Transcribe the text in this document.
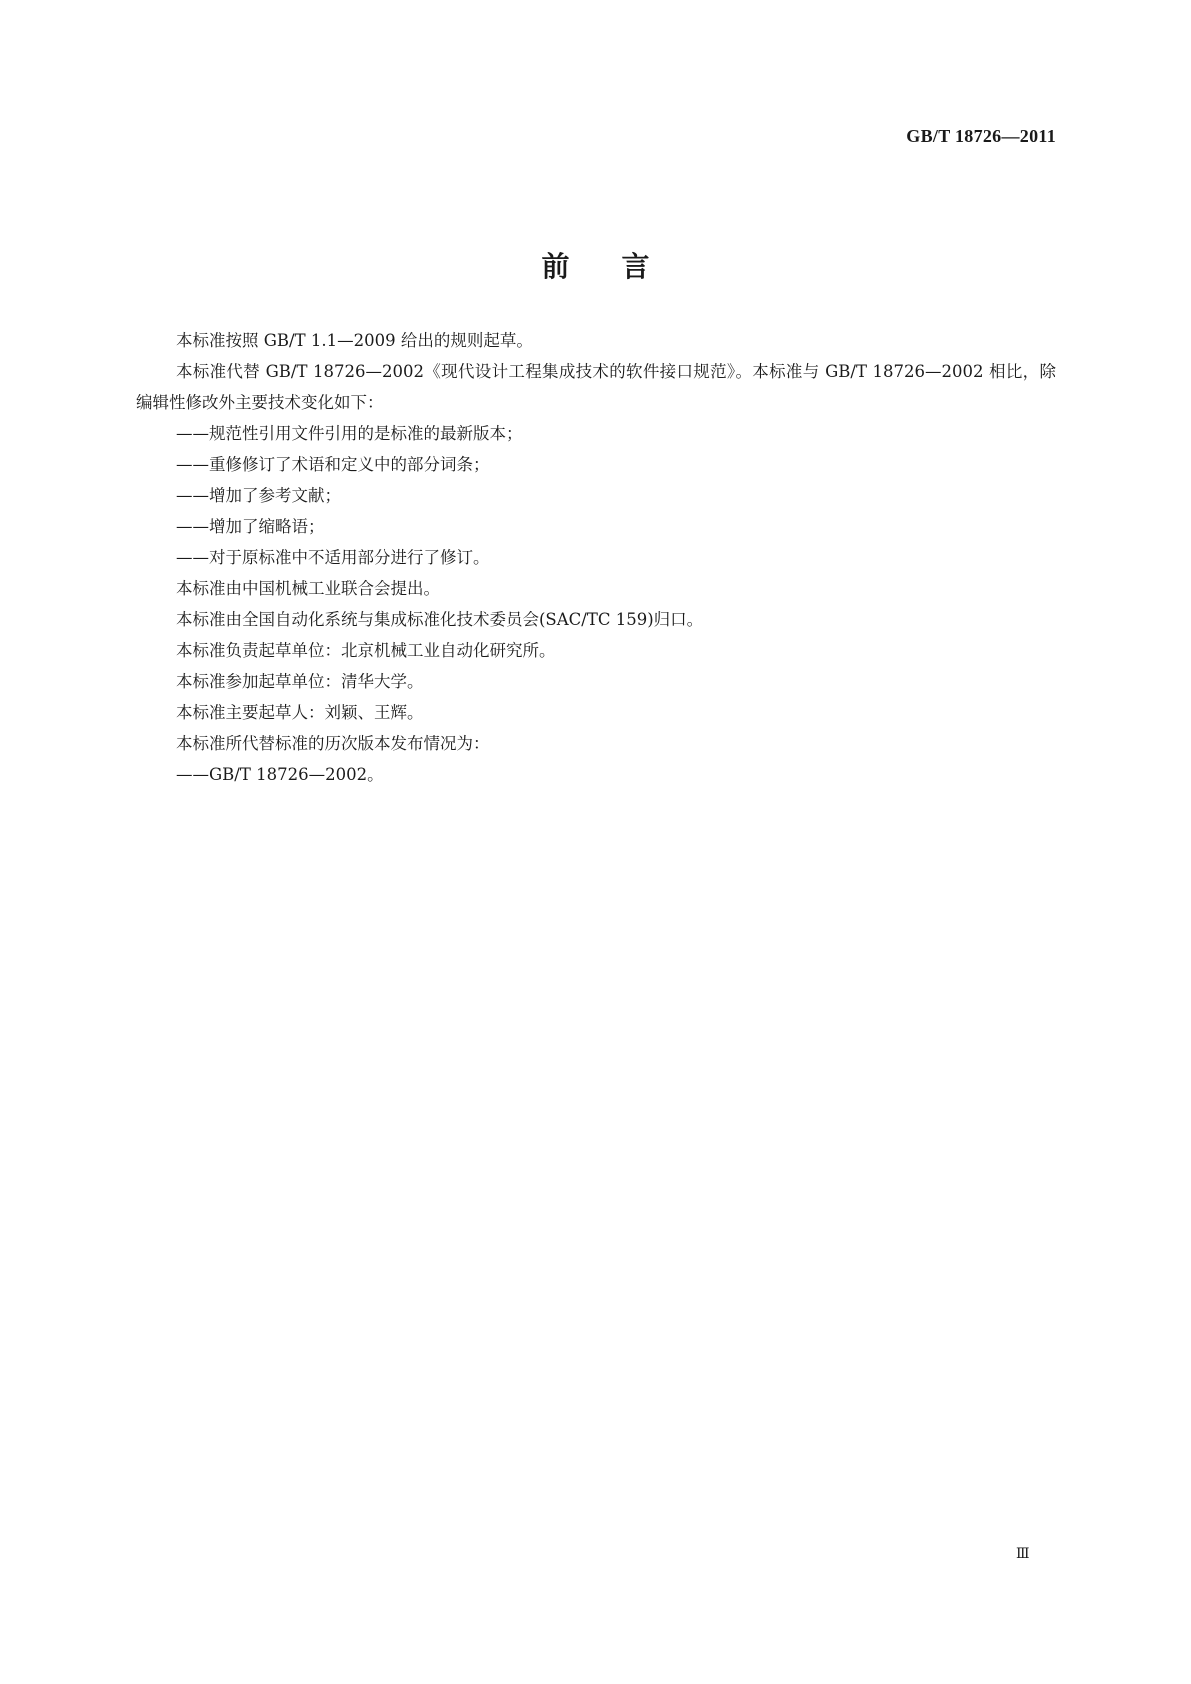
GB/T 18726—2011
前言

本标准按照 GB/T 1.1—2009 给出的规则起草。

本标准代替 GB/T 18726—2002《现代设计工程集成技术的软件接口规范》。本标准与 GB/T 18726—2002 相比，除编辑性修改外主要技术变化如下：

——规范性引用文件引用的是标准的最新版本；

——重修修订了术语和定义中的部分词条；

——增加了参考文献；

——增加了缩略语；

——对于原标准中不适用部分进行了修订。

本标准由中国机械工业联合会提出。

本标准由全国自动化系统与集成标准化技术委员会(SAC/TC 159)归口。

本标准负责起草单位：北京机械工业自动化研究所。

本标准参加起草单位：清华大学。

本标准主要起草人：刘颖、王辉。

本标准所代替标准的历次版本发布情况为：

——GB/T 18726—2002。

Ⅲ
